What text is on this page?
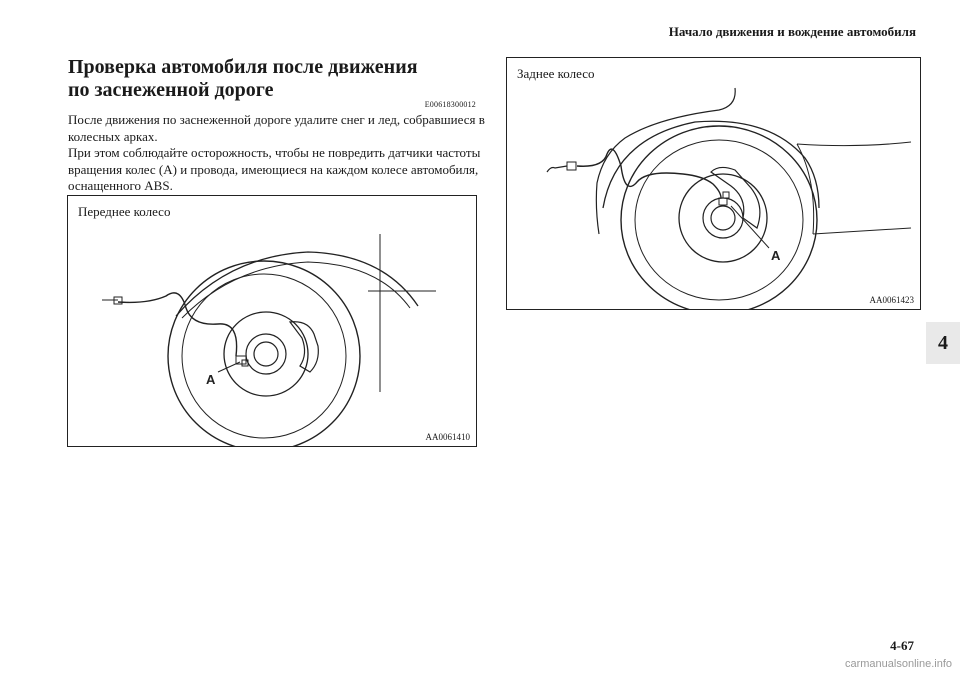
Начало движения и вождение автомобиля
Проверка автомобиля после движения
по заснеженной дороге
E00618300012

После движения по заснеженной дороге удалите снег и лед, собравшиеся в колесных арках.

При этом соблюдайте осторожность, чтобы не повредить датчики частоты вращения колес (A) и провода, имеющиеся на каждом колесе автомобиля, оснащенного ABS.

A
Переднее колесо
AA0061410
A
Заднее колесо
AA0061423
4
4-67
carmanualsonline.info
